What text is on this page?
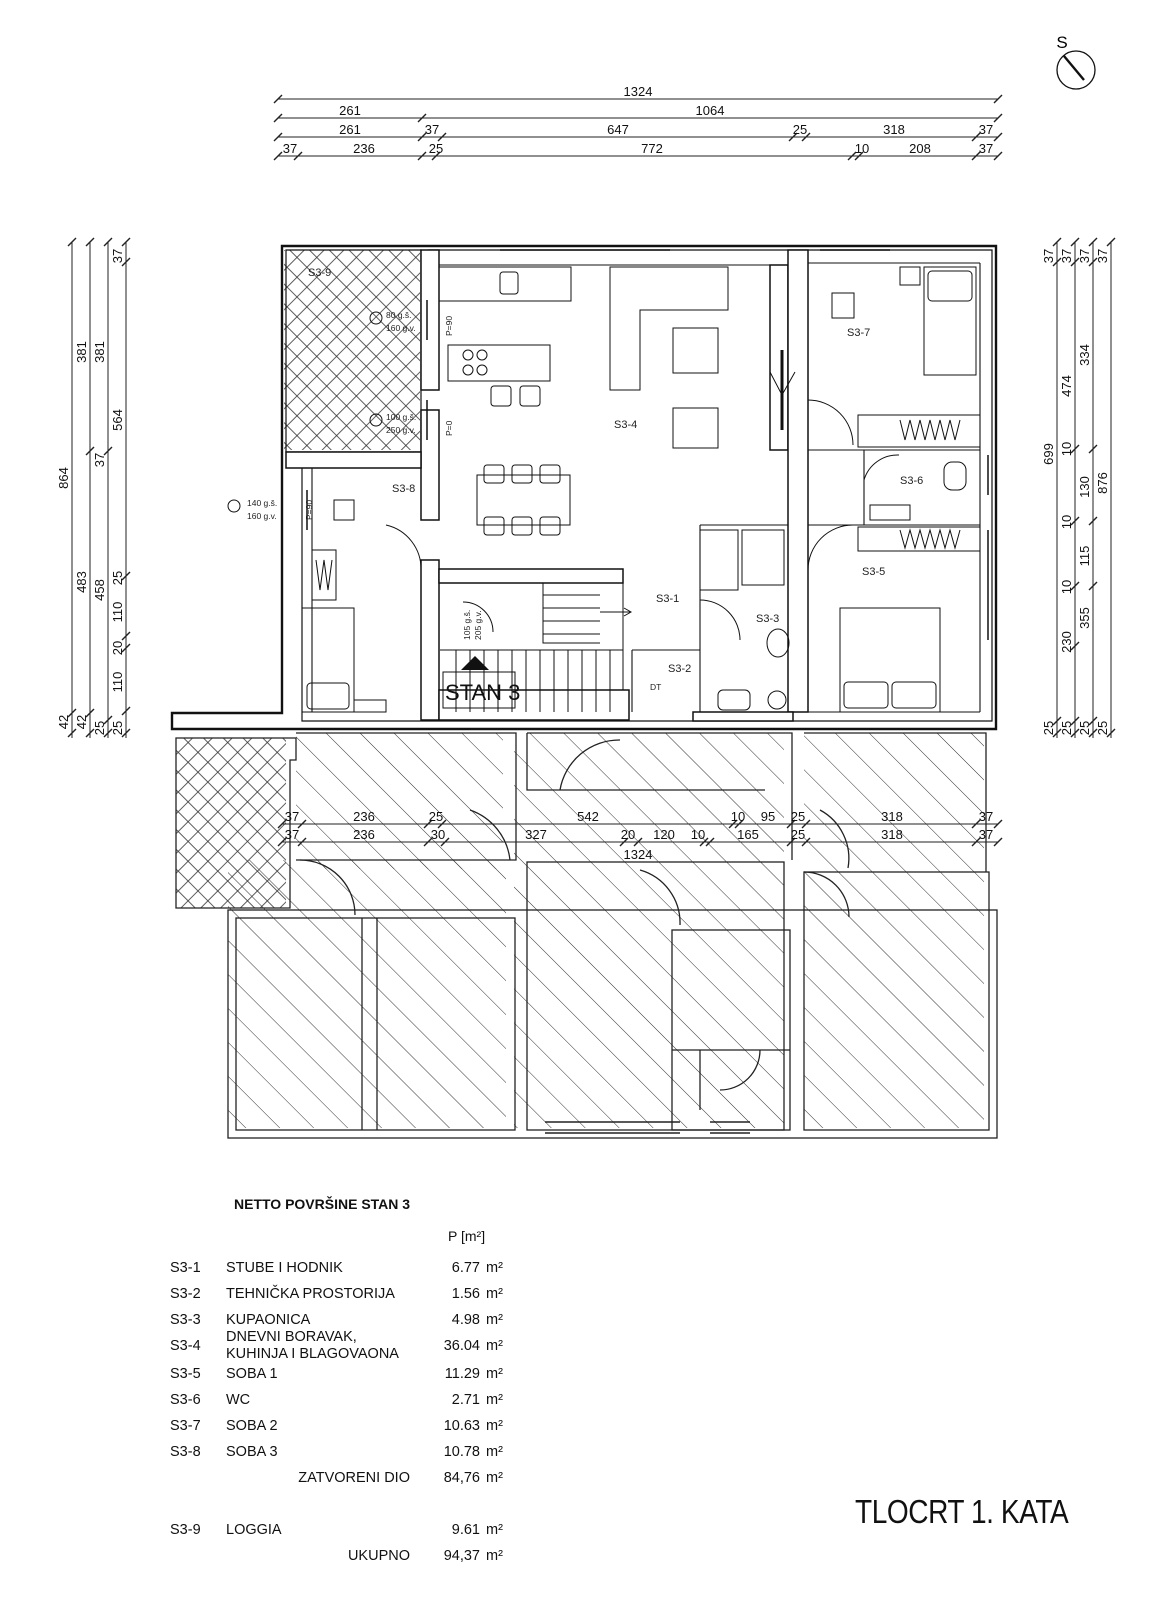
1324
261	1064
261	37	647	25	318	37
37	236	25	772	10	208	37
864
42
381
483
42
381
37
458
25
37
564
25
110
20
110
25
37
699
25
37
474
10
10
10
230
25
37
334
130
115
355
25
37
876
25
S
37	236	25	542	10 95 25	318	37
37	236	30	327	20 120 10 165 25	318	37
1324
S3-9
S3-4
S3-7
S3-6
S3-8
S3-5
S3-1
S3-3
S3-2
STAN 3	DT
80 g.š.
160 g.v.	P=90
100 g.š.
250 g.v.	P=0
140 g.š.
160 g.v.	P=90
105 g.š. 205 g.v.
NETTO POVRŠINE STAN 3
P [m²]
S3-1 STUBE I HODNIK	6.77 m²
S3-2 TEHNIČKA PROSTORIJA	1.56 m²
S3-3 KUPAONICA	4.98 m²
S3-4
DNEVNI BORAVAK,
KUHINJA I BLAGOVAONA	36.04 m²
S3-5 SOBA 1	11.29 m²
S3-6 WC	2.71 m²
S3-7 SOBA 2	10.63 m²
S3-8 SOBA 3	10.78 m²
ZATVORENI DIO 84,76 m²
S3-9 LOGGIA	9.61 m²
UKUPNO 94,37 m²
TLOCRT 1. KATA
